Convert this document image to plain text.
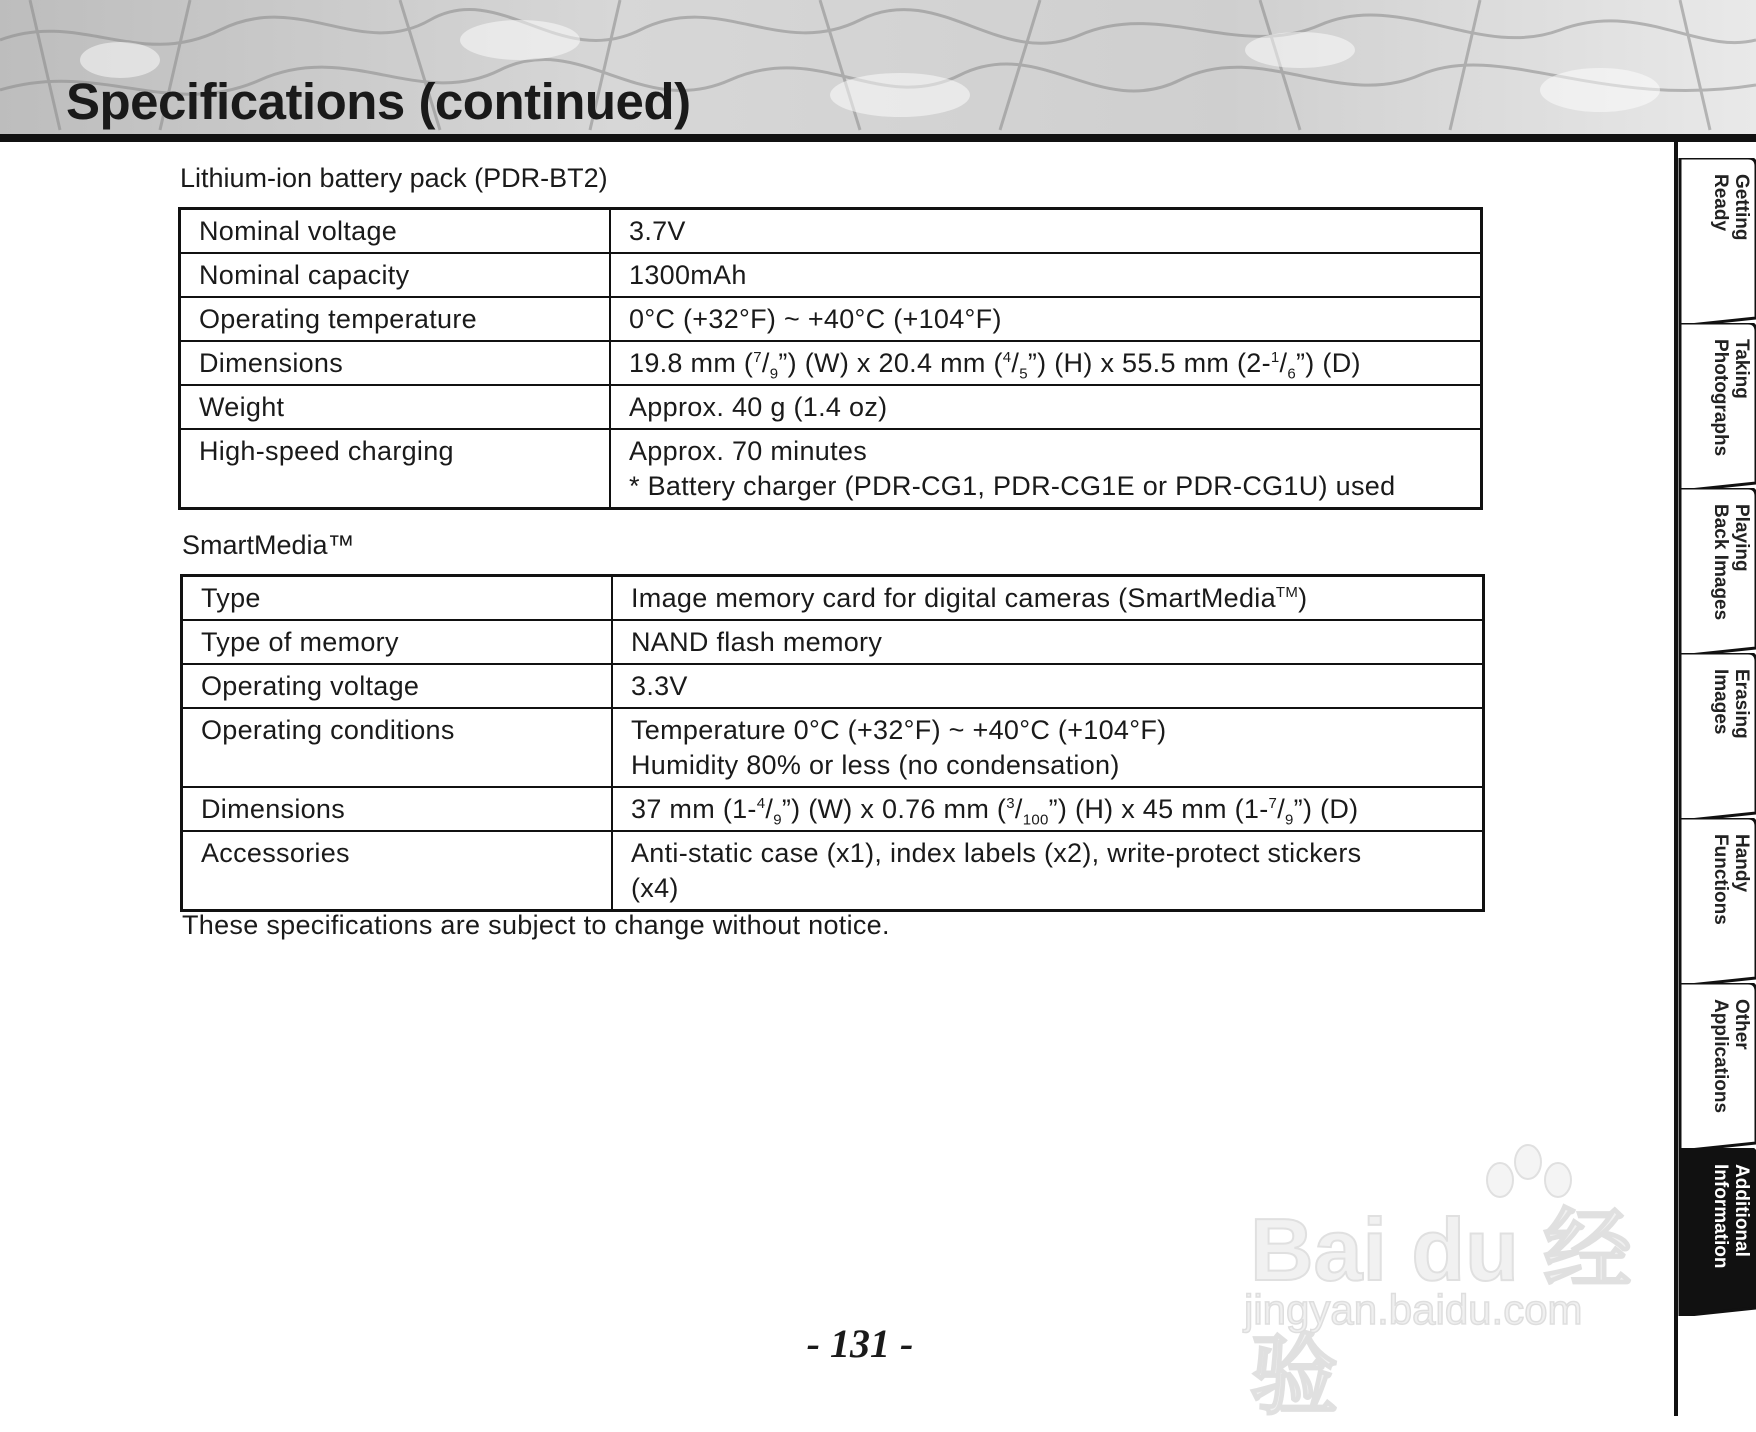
Specifications (continued)
Lithium-ion battery pack (PDR-BT2)
Nominal voltage	3.7V
Nominal capacity	1300mAh
Operating temperature	0°C (+32°F) ~ +40°C (+104°F)
Dimensions	19.8 mm $(^7/_9”)$ (W) x 20.4 mm $(^4/_5”)$ (H) x 55.5 mm $(2-^1/_6”)$ (D)
Weight	Approx. 40 g (1.4 oz)
High-speed charging	Approx. 70 minutes
* Battery charger (PDR-CG1, PDR-CG1E or PDR-CG1U) used
SmartMedia™
Type	Image memory card for digital cameras (SmartMedia™)
Type of memory	NAND flash memory
Operating voltage	3.3V
Operating conditions	Temperature 0°C (+32°F) ~ +40°C (+104°F)
Humidity 80% or less (no condensation)

Dimensions	37 mm $(1-^4/_9”)$ (W) x 0.76 mm $(^3/_{100}”)$ (H) x 45 mm $(1-^7/_9”)$ (D)
Accessories	Anti-static case (x1), index labels (x2), write-protect stickers
(x4)

These specifications are subject to change without notice.

- 131 -
Getting
Ready
Taking
Photographs
Playing
Back Images
Erasing
Images
Handy
Functions
Other
Applications
Additional
Information
Bai du 经验
jingyan.baidu.com
